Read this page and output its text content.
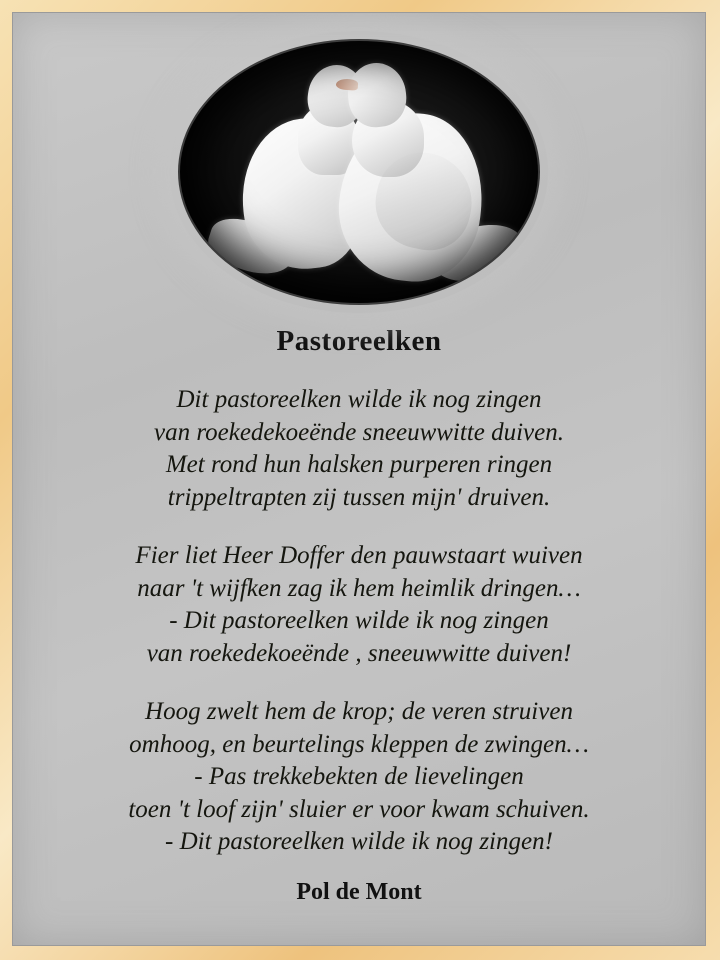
Pastoreelken
Dit pastoreelken wilde ik nog zingen
van roekedekoeënde sneeuwwitte duiven.
Met rond hun halsken purperen ringen
trippeltrapten zij tussen mijn' druiven.
Fier liet Heer Doffer den pauwstaart wuiven
naar 't wijfken zag ik hem heimlik dringen…
- Dit pastoreelken wilde ik nog zingen
van roekedekoeënde , sneeuwwitte duiven!
Hoog zwelt hem de krop; de veren struiven
omhoog, en beurtelings kleppen de zwingen…
- Pas trekkebekten de lievelingen
toen 't loof zijn' sluier er voor kwam schuiven.
- Dit pastoreelken wilde ik nog zingen!
Pol de Mont
